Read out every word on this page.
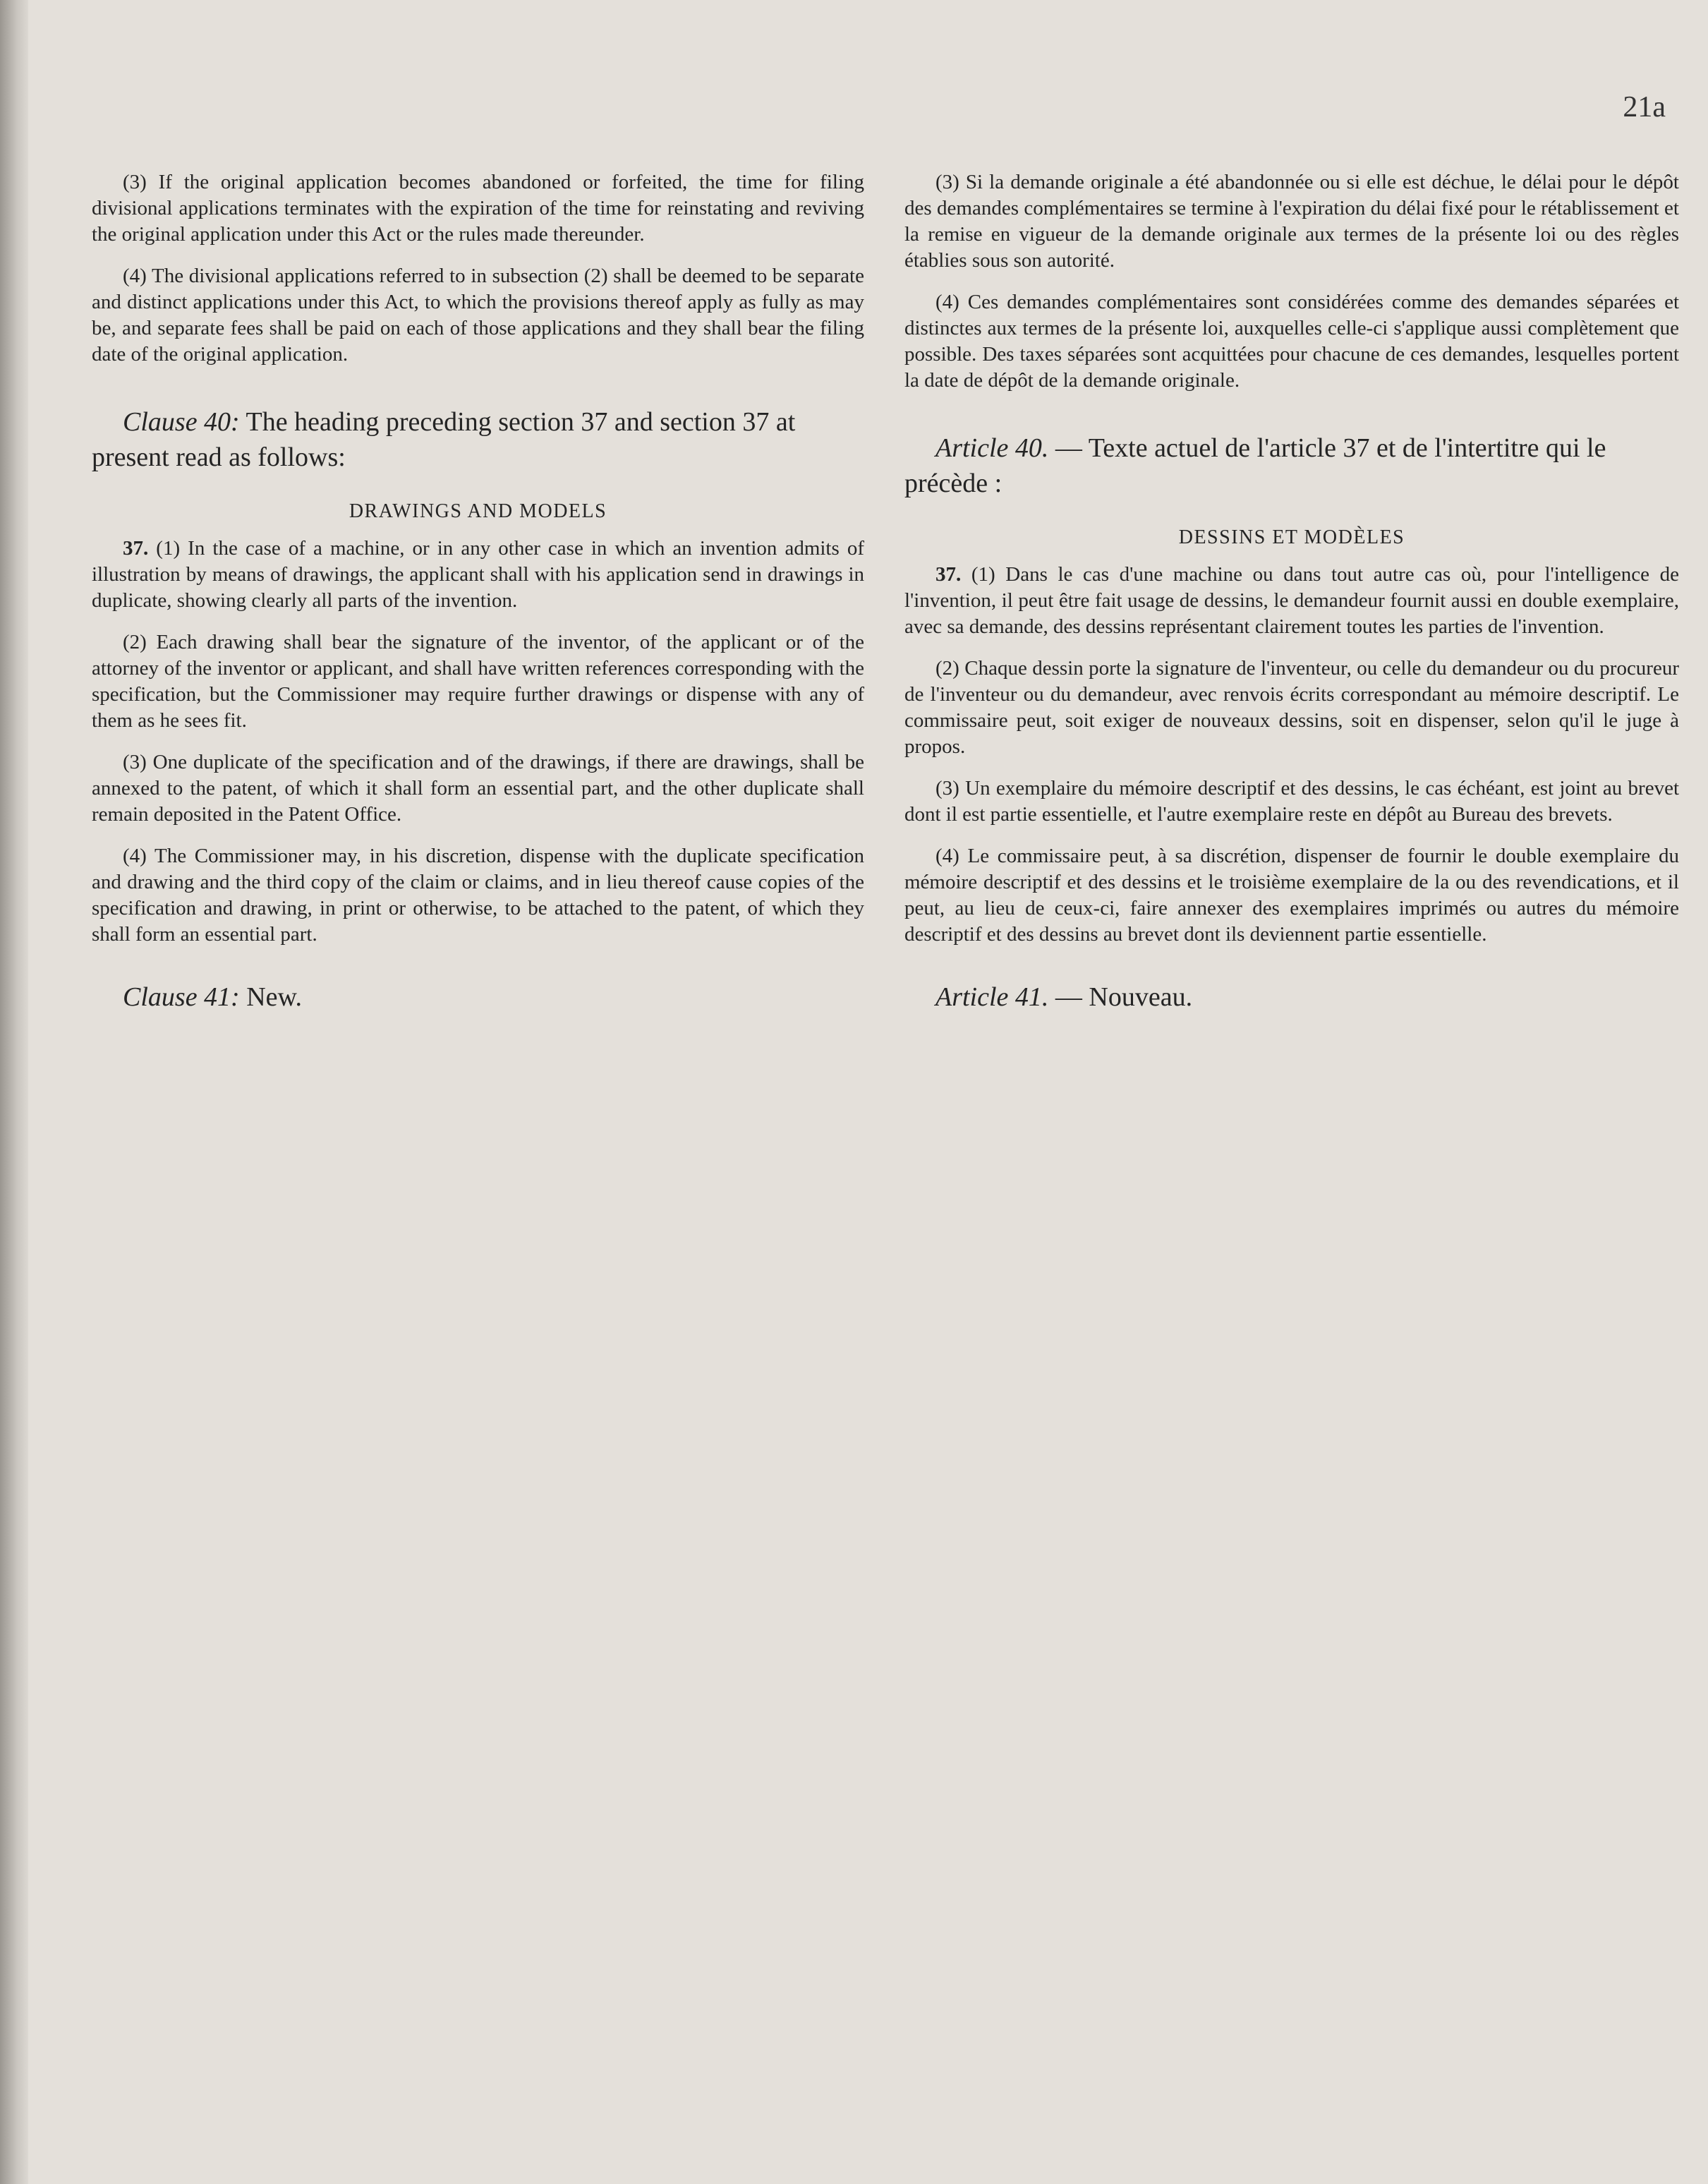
21a

(3) If the original application becomes abandoned or forfeited, the time for filing divisional applications terminates with the expiration of the time for reinstating and reviving the original application under this Act or the rules made thereunder.

(4) The divisional applications referred to in subsection (2) shall be deemed to be separate and distinct applications under this Act, to which the provisions thereof apply as fully as may be, and separate fees shall be paid on each of those applications and they shall bear the filing date of the original application.

Clause 40: The heading preceding section 37 and section 37 at present read as follows:
DRAWINGS AND MODELS

37. (1) In the case of a machine, or in any other case in which an invention admits of illustration by means of drawings, the applicant shall with his application send in drawings in duplicate, showing clearly all parts of the invention.

(2) Each drawing shall bear the signature of the inventor, of the applicant or of the attorney of the inventor or applicant, and shall have written references corresponding with the specification, but the Commissioner may require further drawings or dispense with any of them as he sees fit.

(3) One duplicate of the specification and of the drawings, if there are drawings, shall be annexed to the patent, of which it shall form an essential part, and the other duplicate shall remain deposited in the Patent Office.

(4) The Commissioner may, in his discretion, dispense with the duplicate specification and drawing and the third copy of the claim or claims, and in lieu thereof cause copies of the specification and drawing, in print or otherwise, to be attached to the patent, of which they shall form an essential part.

Clause 41: New.

(3) Si la demande originale a été abandonnée ou si elle est déchue, le délai pour le dépôt des demandes complémentaires se termine à l'expiration du délai fixé pour le rétablissement et la remise en vigueur de la demande originale aux termes de la présente loi ou des règles établies sous son autorité.

(4) Ces demandes complémentaires sont considérées comme des demandes séparées et distinctes aux termes de la présente loi, auxquelles celle-ci s'applique aussi complètement que possible. Des taxes séparées sont acquittées pour chacune de ces demandes, lesquelles portent la date de dépôt de la demande originale.

Article 40. — Texte actuel de l'article 37 et de l'intertitre qui le précède :
DESSINS ET MODÈLES

37. (1) Dans le cas d'une machine ou dans tout autre cas où, pour l'intelligence de l'invention, il peut être fait usage de dessins, le demandeur fournit aussi en double exemplaire, avec sa demande, des dessins représentant clairement toutes les parties de l'invention.

(2) Chaque dessin porte la signature de l'inventeur, ou celle du demandeur ou du procureur de l'inventeur ou du demandeur, avec renvois écrits correspondant au mémoire descriptif. Le commissaire peut, soit exiger de nouveaux dessins, soit en dispenser, selon qu'il le juge à propos.

(3) Un exemplaire du mémoire descriptif et des dessins, le cas échéant, est joint au brevet dont il est partie essentielle, et l'autre exemplaire reste en dépôt au Bureau des brevets.

(4) Le commissaire peut, à sa discrétion, dispenser de fournir le double exemplaire du mémoire descriptif et des dessins et le troisième exemplaire de la ou des revendications, et il peut, au lieu de ceux-ci, faire annexer des exemplaires imprimés ou autres du mémoire descriptif et des dessins au brevet dont ils deviennent partie essentielle.

Article 41. — Nouveau.
